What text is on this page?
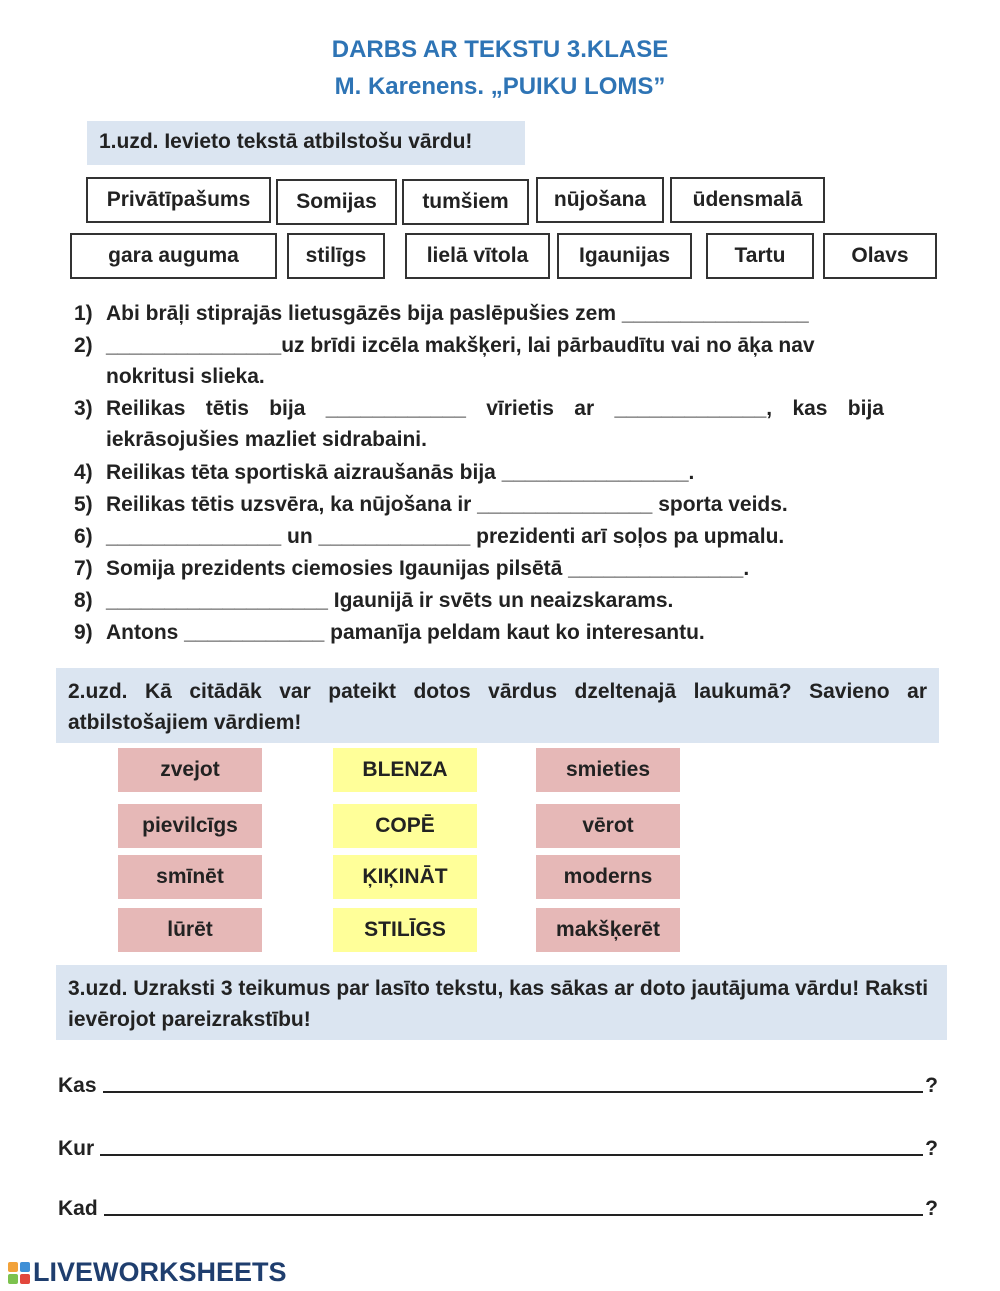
DARBS AR TEKSTU 3.KLASE
M. Karenens. „PUIKU LOMS”
1.uzd. Ievieto tekstā atbilstošu vārdu!
Privātīpašums	Somijas	tumšiem	nūjošana	ūdensmalā
gara auguma	stilīgs	lielā vītola	Igaunijas	Tartu	Olavs
1) Abi brāļi stiprajās lietusgāzēs bija paslēpušies zem ________________
2) _______________uz brīdi izcēla makšķeri, lai pārbaudītu vai no āķa nav nokritusi slieka.
3) Reilikas tētis bija ____________ vīrietis ar _____________, kas bija iekrāsojušies mazliet sidrabaini.
4) Reilikas tēta sportiskā aizraušanās bija ________________.
5) Reilikas tētis uzsvēra, ka nūjošana ir _______________ sporta veids.
6) _______________ un _____________ prezidenti arī soļos pa upmalu.
7) Somija prezidents ciemosies Igaunijas pilsētā _______________.
8) ___________________ Igaunijā ir svēts un neaizskarams.
9) Antons ____________ pamanīja peldam kaut ko interesantu.
2.uzd. Kā citādāk var pateikt dotos vārdus dzeltenajā laukumā? Savieno ar atbilstošajiem vārdiem!
zvejot	BLENZA	smieties
pievilcīgs	COPĒ	vērot
smīnēt	ĶIĶINĀT	moderns
lūrēt	STILĪGS	makšķerēt
3.uzd. Uzraksti 3 teikumus par lasīto tekstu, kas sākas ar doto jautājuma vārdu! Raksti ievērojot pareizrakstību!
Kas	?
Kur	?
Kad	?
LIVEWORKSHEETS
